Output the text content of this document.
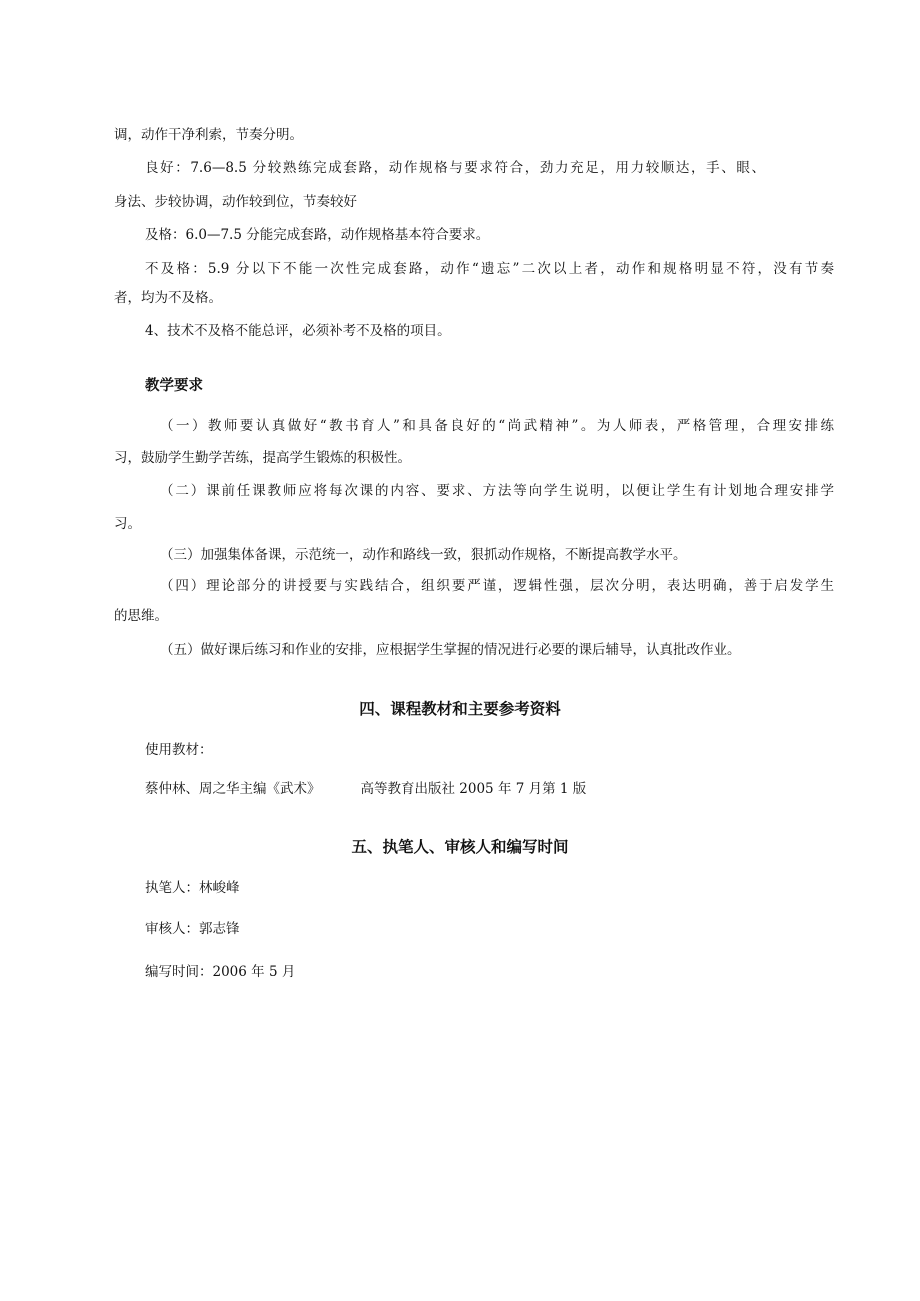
调，动作干净利索，节奏分明。
良好：7.6—8.5 分较熟练完成套路，动作规格与要求符合，劲力充足，用力较顺达，手、眼、
身法、步较协调，动作较到位，节奏较好
及格：6.0—7.5 分能完成套路，动作规格基本符合要求。
不及格：5.9 分以下不能一次性完成套路，动作“遗忘”二次以上者，动作和规格明显不符，没有节奏
者，均为不及格。
4、技术不及格不能总评，必须补考不及格的项目。
教学要求
（一）教师要认真做好“教书育人”和具备良好的“尚武精神”。为人师表，严格管理，合理安排练
习，鼓励学生勤学苦练，提高学生锻炼的积极性。
（二）课前任课教师应将每次课的内容、要求、方法等向学生说明，以便让学生有计划地合理安排学
习。
（三）加强集体备课，示范统一，动作和路线一致，狠抓动作规格，不断提高教学水平。
（四）理论部分的讲授要与实践结合，组织要严谨，逻辑性强，层次分明，表达明确，善于启发学生
的思维。
（五）做好课后练习和作业的安排，应根据学生掌握的情况进行必要的课后辅导，认真批改作业。
四、课程教材和主要参考资料
使用教材：
蔡仲林、周之华主编《武术》	高等教育出版社 2005 年 7 月第 1 版
五、执笔人、审核人和编写时间
执笔人：林峻峰
审核人：郭志锋
编写时间：2006 年 5 月
